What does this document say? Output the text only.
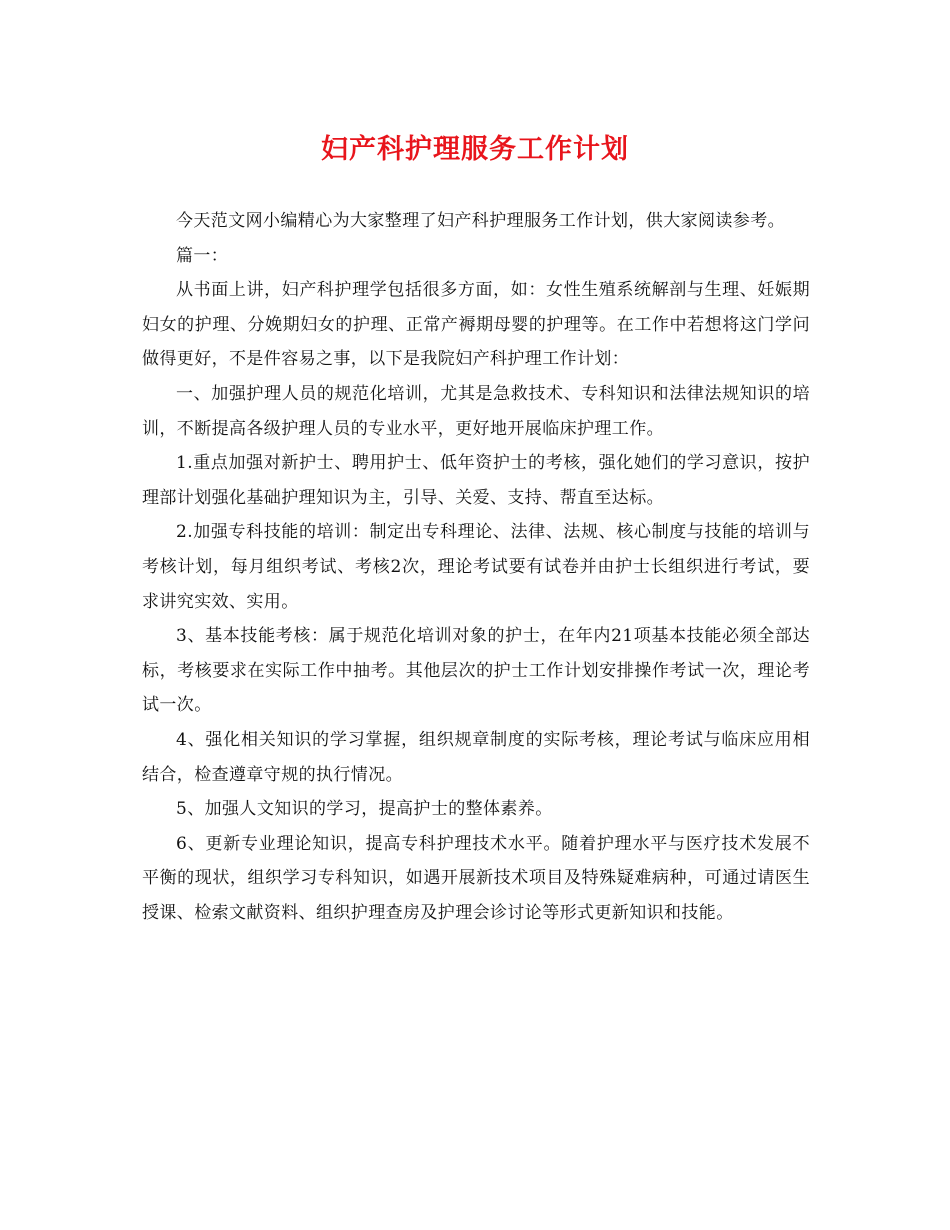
妇产科护理服务工作计划

今天范文网小编精心为大家整理了妇产科护理服务工作计划，供大家阅读参考。

篇一：

从书面上讲，妇产科护理学包括很多方面，如：女性生殖系统解剖与生理、妊娠期妇女的护理、分娩期妇女的护理、正常产褥期母婴的护理等。在工作中若想将这门学问做得更好，不是件容易之事，以下是我院妇产科护理工作计划：

一、加强护理人员的规范化培训，尤其是急救技术、专科知识和法律法规知识的培训，不断提高各级护理人员的专业水平，更好地开展临床护理工作。

1.重点加强对新护士、聘用护士、低年资护士的考核，强化她们的学习意识，按护理部计划强化基础护理知识为主，引导、关爱、支持、帮直至达标。

2.加强专科技能的培训：制定出专科理论、法律、法规、核心制度与技能的培训与考核计划，每月组织考试、考核2次，理论考试要有试卷并由护士长组织进行考试，要求讲究实效、实用。

3、基本技能考核：属于规范化培训对象的护士，在年内21项基本技能必须全部达标，考核要求在实际工作中抽考。其他层次的护士工作计划安排操作考试一次，理论考试一次。

4、强化相关知识的学习掌握，组织规章制度的实际考核，理论考试与临床应用相结合，检查遵章守规的执行情况。

5、加强人文知识的学习，提高护士的整体素养。

6、更新专业理论知识，提高专科护理技术水平。随着护理水平与医疗技术发展不平衡的现状，组织学习专科知识，如遇开展新技术项目及特殊疑难病种，可通过请医生授课、检索文献资料、组织护理查房及护理会诊讨论等形式更新知识和技能。
